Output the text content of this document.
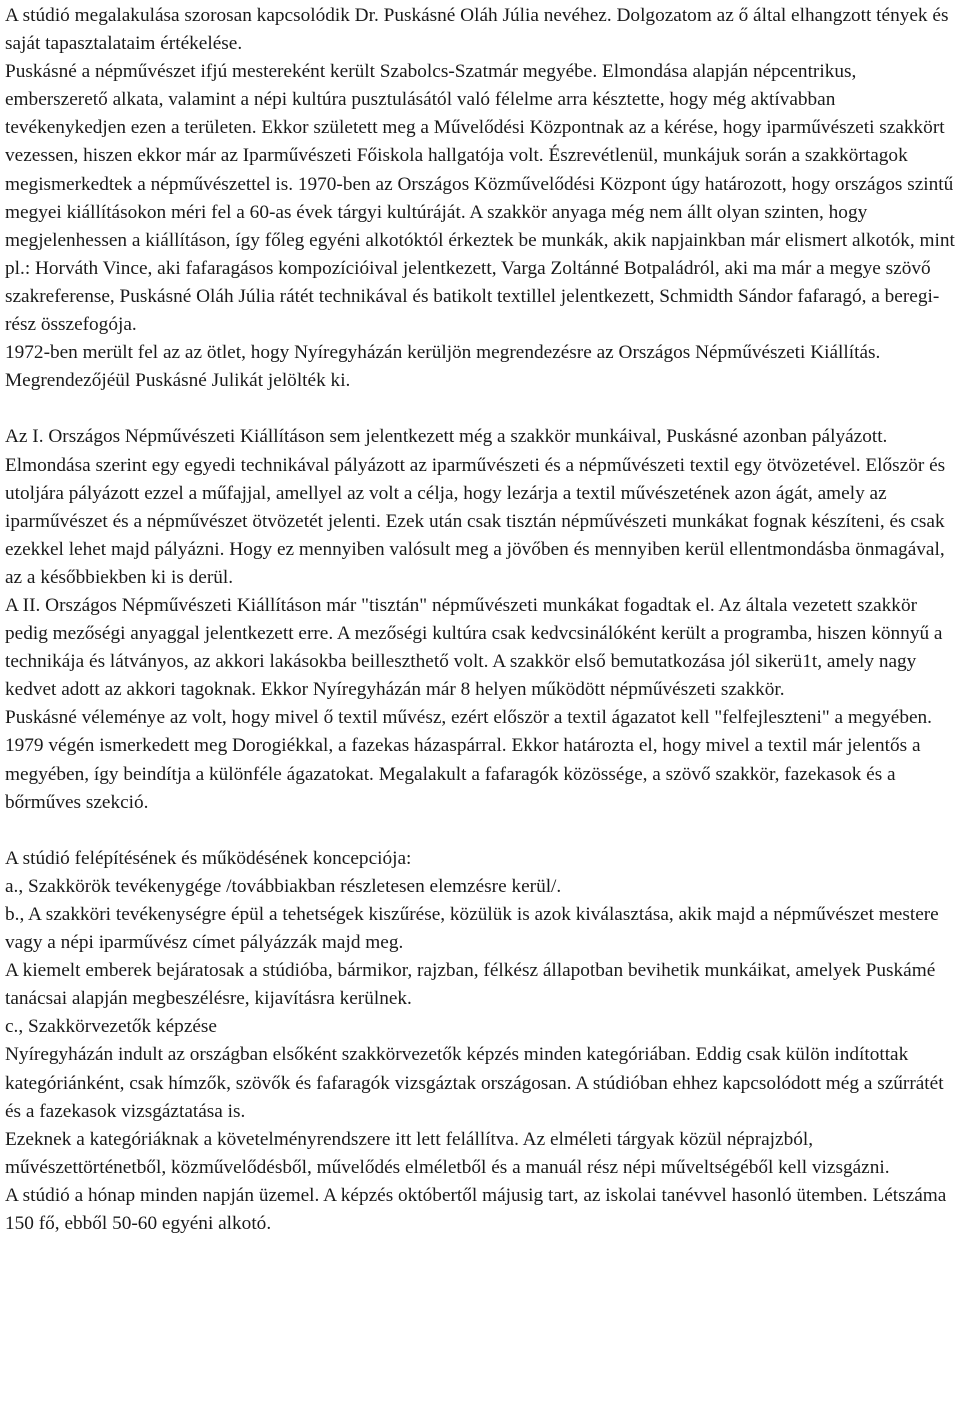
A stúdió megalakulása szorosan kapcsolódik Dr. Puskásné Oláh Júlia nevéhez. Dolgozatom az ő által elhangzott tények és saját tapasztalataim értékelése.

Puskásné a népművészet ifjú mestereként került Szabolcs-Szatmár megyébe. Elmondása alapján népcentrikus, emberszerető alkata, valamint a népi kultúra pusztulásától való félelme arra késztette, hogy még aktívabban tevékenykedjen ezen a területen. Ekkor született meg a Művelődési Központnak az a kérése, hogy iparművészeti szakkört vezessen, hiszen ekkor már az Iparművészeti Főiskola hallgatója volt. Észrevétlenül, munkájuk során a szakkörtagok megismerkedtek a népművészettel is. 1970-ben az Országos Közművelődési Központ úgy határozott, hogy országos szintű megyei kiállításokon méri fel a 60-as évek tárgyi kultúráját. A szakkör anyaga még nem állt olyan szinten, hogy megjelenhessen a kiállításon, így főleg egyéni alkotóktól érkeztek be munkák, akik napjainkban már elismert alkotók, mint pl.: Horváth Vince, aki fafaragásos kompozícióival jelentkezett, Varga Zoltánné Botpaládról, aki ma már a megye szövő szakreferense, Puskásné Oláh Júlia rátét technikával és batikolt textillel jelentkezett, Schmidth Sándor fafaragó, a beregi-rész összefogója.

1972-ben merült fel az az ötlet, hogy Nyíregyházán kerüljön megrendezésre az Országos Népművészeti Kiállítás.

Megrendezőjéül Puskásné Julikát jelölték ki.

Az I. Országos Népművészeti Kiállításon sem jelentkezett még a szakkör munkáival, Puskásné azonban pályázott. Elmondása szerint egy egyedi technikával pályázott az iparművészeti és a népművészeti textil egy ötvözetével. Először és utoljára pályázott ezzel a műfajjal, amellyel az volt a célja, hogy lezárja a textil művészetének azon ágát, amely az iparművészet és a népművészet ötvözetét jelenti. Ezek után csak tisztán népművészeti munkákat fognak készíteni, és csak ezekkel lehet majd pályázni. Hogy ez mennyiben valósult meg a jövőben és mennyiben kerül ellentmondásba önmagával, az a későbbiekben ki is derül.

A II. Országos Népművészeti Kiállításon már "tisztán" népművészeti munkákat fogadtak el. Az általa vezetett szakkör pedig mezőségi anyaggal jelentkezett erre. A mezőségi kultúra csak kedvcsinálóként került a programba, hiszen könnyű a technikája és látványos, az akkori lakásokba beilleszthető volt. A szakkör első bemutatkozása jól sikerü1t, amely nagy kedvet adott az akkori tagoknak. Ekkor Nyíregyházán már 8 helyen működött népművészeti szakkör.

Puskásné véleménye az volt, hogy mivel ő textil művész, ezért először a textil ágazatot kell "felfejleszteni" a megyében.

1979 végén ismerkedett meg Dorogiékkal, a fazekas házaspárral. Ekkor határozta el, hogy mivel a textil már jelentős a megyében, így beindítja a különféle ágazatokat. Megalakult a fafaragók közössége, a szövő szakkör, fazekasok és a bőrműves szekció.

A stúdió felépítésének és működésének koncepciója:

a., Szakkörök tevékenygége /továbbiakban részletesen elemzésre kerül/.

b., A szakköri tevékenységre épül a tehetségek kiszűrése, közülük is azok kiválasztása, akik majd a népművészet mestere vagy a népi iparművész címet pályázzák majd meg.

A kiemelt emberek bejáratosak a stúdióba, bármikor, rajzban, félkész állapotban bevihetik munkáikat, amelyek Puskámé tanácsai alapján megbeszélésre, kijavításra kerülnek.

c., Szakkörvezetők képzése

Nyíregyházán indult az országban elsőként szakkörvezetők képzés minden kategóriában. Eddig csak külön indítottak kategóriánként, csak hímzők, szövők és fafaragók vizsgáztak országosan. A stúdióban ehhez kapcsolódott még a szűrrátét és a fazekasok vizsgáztatása is.

Ezeknek a kategóriáknak a követelményrendszere itt lett felállítva. Az elméleti tárgyak közül néprajzból, művészettörténetből, közművelődésből, művelődés elméletből és a manuál rész népi műveltségéből kell vizsgázni.

A stúdió a hónap minden napján üzemel. A képzés októbertől májusig tart, az iskolai tanévvel hasonló ütemben. Létszáma 150 fő, ebből 50-60 egyéni alkotó.
